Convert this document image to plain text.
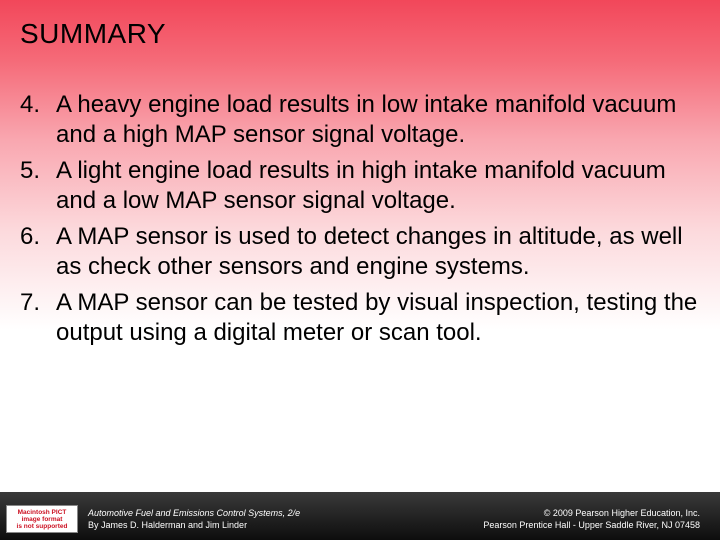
SUMMARY
4. A heavy engine load results in low intake manifold vacuum and a high MAP sensor signal voltage.
5. A light engine load results in high intake manifold vacuum and a low MAP sensor signal voltage.
6. A MAP sensor is used to detect changes in altitude, as well as check other sensors and engine systems.
7. A MAP sensor can be tested by visual inspection, testing the output using a digital meter or scan tool.
Macintosh PICT
image format
is not supported
Automotive Fuel and Emissions Control Systems, 2/e
By James D. Halderman and Jim Linder
© 2009 Pearson Higher Education, Inc.
Pearson Prentice Hall - Upper Saddle River, NJ 07458
